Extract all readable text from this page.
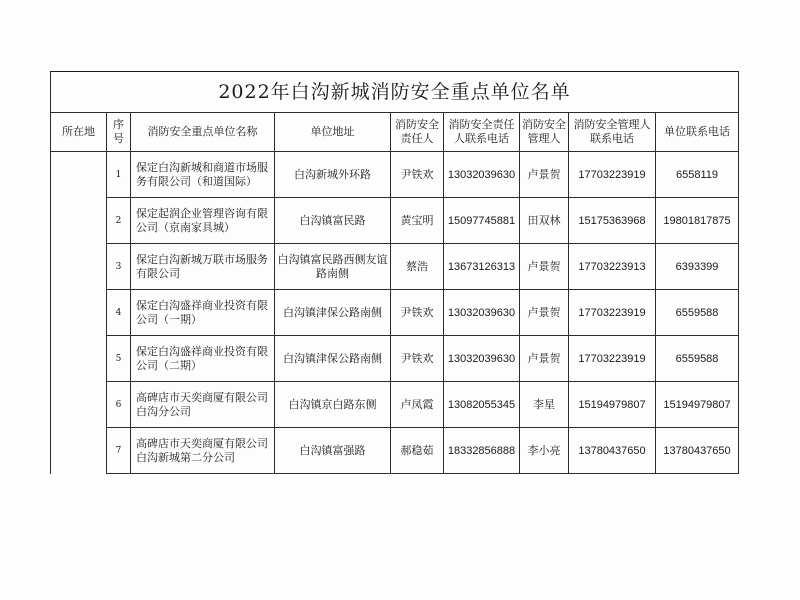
2022年白沟新城消防安全重点单位名单								
所在地	序号	消防安全重点单位名称	单位地址	消防安全责任人	消防安全责任人联系电话	消防安全管理人	消防安全管理人联系电话	单位联系电话
	1	保定白沟新城和商道市场服务有限公司（和道国际）	白沟新城外环路	尹铁欢	13032039630	卢景贺	17703223919	6558119
	2	保定起润企业管理咨询有限公司（京南家具城）	白沟镇富民路	黄宝明	15097745881	田双林	15175363968	19801817875
	3	保定白沟新城万联市场服务有限公司	白沟镇富民路西侧友谊路南侧	蔡浩	13673126313	卢景贺	17703223913	6393399
	4	保定白沟盛祥商业投资有限公司（一期）	白沟镇津保公路南侧	尹铁欢	13032039630	卢景贺	17703223919	6559588
	5	保定白沟盛祥商业投资有限公司（二期）	白沟镇津保公路南侧	尹铁欢	13032039630	卢景贺	17703223919	6559588
	6	高碑店市天奕商厦有限公司白沟分公司	白沟镇京白路东侧	卢凤霞	13082055345	李星	15194979807	15194979807
	7	高碑店市天奕商厦有限公司白沟新城第二分公司	白沟镇富强路	郝稳茹	18332856888	李小亮	13780437650	13780437650
